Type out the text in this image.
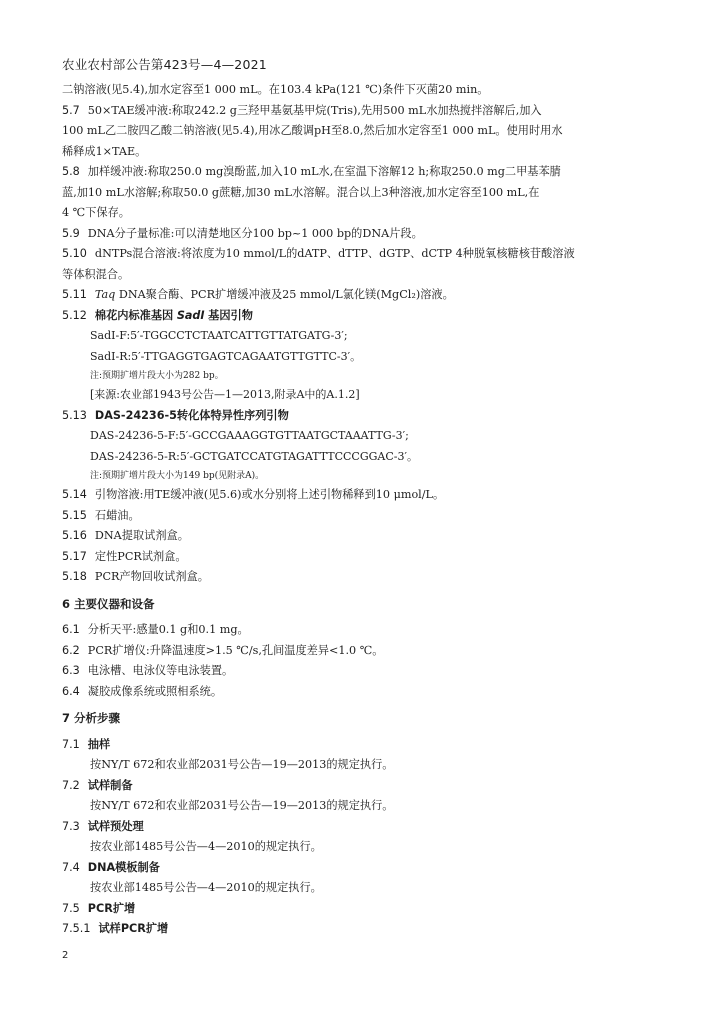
农业农村部公告第423号—4—2021

二钠溶液(见5.4),加水定容至1 000 mL。在103.4 kPa(121 ℃)条件下灭菌20 min。

5.7 50×TAE缓冲液:称取242.2 g三羟甲基氨基甲烷(Tris),先用500 mL水加热搅拌溶解后,加入

100 mL乙二胺四乙酸二钠溶液(见5.4),用冰乙酸调pH至8.0,然后加水定容至1 000 mL。使用时用水

稀释成1×TAE。

5.8 加样缓冲液:称取250.0 mg溴酚蓝,加入10 mL水,在室温下溶解12 h;称取250.0 mg二甲基苯腈

蓝,加10 mL水溶解;称取50.0 g蔗糖,加30 mL水溶解。混合以上3种溶液,加水定容至100 mL,在

4 ℃下保存。

5.9 DNA分子量标准:可以清楚地区分100 bp~1 000 bp的DNA片段。

5.10 dNTPs混合溶液:将浓度为10 mmol/L的dATP、dTTP、dGTP、dCTP 4种脱氧核糖核苷酸溶液

等体积混合。

5.11 Taq DNA聚合酶、PCR扩增缓冲液及25 mmol/L氯化镁(MgCl₂)溶液。

5.12 棉花内标准基因 SadⅠ 基因引物

SadⅠ-F:5′-TGGCCTCTAATCATTGTTATGATG-3′;

SadⅠ-R:5′-TTGAGGTGAGTCAGAATGTTGTTC-3′。

注:预期扩增片段大小为282 bp。

[来源:农业部1943号公告—1—2013,附录A中的A.1.2]

5.13 DAS-24236-5转化体特异性序列引物

DAS-24236-5-F:5′-GCCGAAAGGTGTTAATGCTAAATTG-3′;

DAS-24236-5-R:5′-GCTGATCCATGTAGATTTCCCGGAC-3′。

注:预期扩增片段大小为149 bp(见附录A)。

5.14 引物溶液:用TE缓冲液(见5.6)或水分别将上述引物稀释到10 μmol/L。

5.15 石蜡油。

5.16 DNA提取试剂盒。

5.17 定性PCR试剂盒。

5.18 PCR产物回收试剂盒。

6 主要仪器和设备

6.1 分析天平:感量0.1 g和0.1 mg。

6.2 PCR扩增仪:升降温速度>1.5 ℃/s,孔间温度差异<1.0 ℃。

6.3 电泳槽、电泳仪等电泳装置。

6.4 凝胶成像系统或照相系统。

7 分析步骤

7.1 抽样

按NY/T 672和农业部2031号公告—19—2013的规定执行。

7.2 试样制备

按NY/T 672和农业部2031号公告—19—2013的规定执行。

7.3 试样预处理

按农业部1485号公告—4—2010的规定执行。

7.4 DNA模板制备

按农业部1485号公告—4—2010的规定执行。

7.5 PCR扩增

7.5.1 试样PCR扩增

2
